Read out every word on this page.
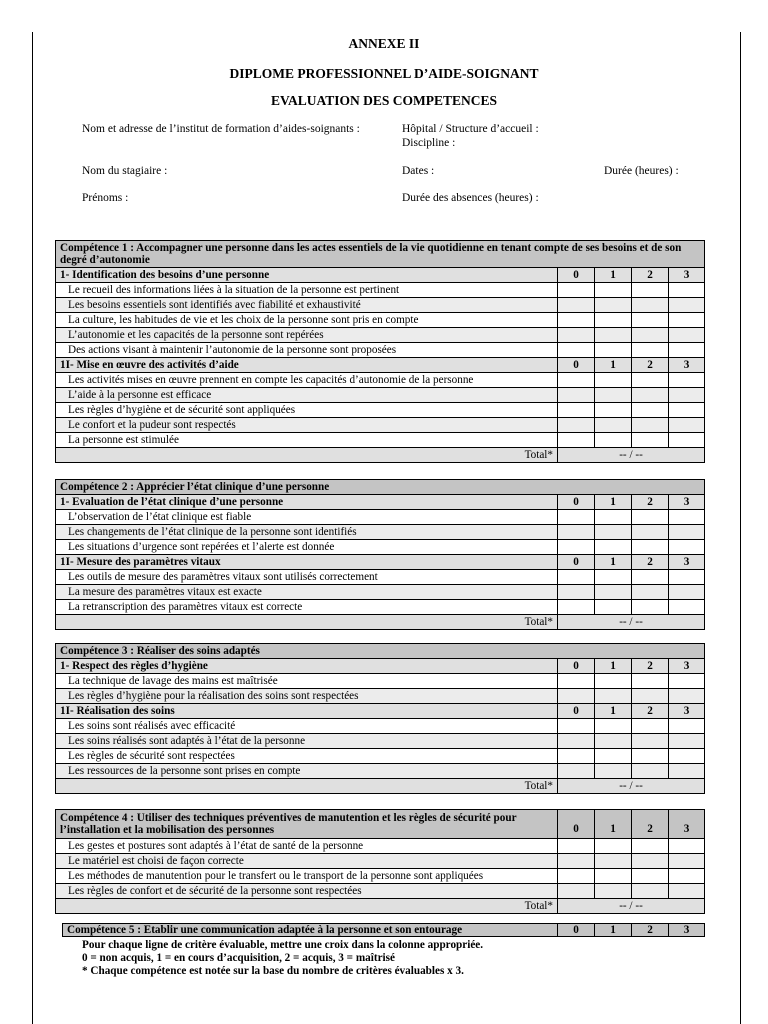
ANNEXE II
DIPLOME PROFESSIONNEL D’AIDE-SOIGNANT
EVALUATION DES COMPETENCES
Nom et adresse de l’institut de formation d’aides-soignants :	Hôpital / Structure d’accueil :
Discipline :
Nom du stagiaire :	Dates :	Durée (heures) :
Prénoms :	Durée des absences (heures) :
Compétence 1 : Accompagner une personne dans les actes essentiels de la vie quotidienne en tenant compte de ses besoins et de son degré d’autonomie				
1- Identification des besoins d’une personne	0	1	2	3
Le recueil des informations liées à la situation de la personne est pertinent				
Les besoins essentiels sont identifiés avec fiabilité et exhaustivité				
La culture, les habitudes de vie et les choix de la personne sont pris en compte				
L’autonomie et les capacités de la personne sont repérées				
Des actions visant à maintenir l’autonomie de la personne sont proposées				
1I- Mise en œuvre des activités d’aide	0	1	2	3
Les activités mises en œuvre prennent en compte les capacités d’autonomie de la personne				
L’aide à la personne est efficace				
Les règles d’hygiène et de sécurité sont appliquées				
Le confort et la pudeur sont respectés				
La personne est stimulée				
Total*	-- / --			
Compétence 2 : Apprécier l’état clinique d’une personne				
1- Evaluation de l’état clinique d’une personne	0	1	2	3
L’observation de l’état clinique est fiable				
Les changements de l’état clinique de la personne sont identifiés				
Les situations d’urgence sont repérées et l’alerte est donnée				
1I- Mesure des paramètres vitaux	0	1	2	3
Les outils de mesure des paramètres vitaux sont utilisés correctement				
La mesure des paramètres vitaux est exacte				
La retranscription des paramètres vitaux est correcte				
Total*	-- / --			
Compétence 3 : Réaliser des soins adaptés				
1- Respect des règles d’hygiène	0	1	2	3
La technique de lavage des mains est maîtrisée				
Les règles d’hygiène pour la réalisation des soins sont respectées				
1I- Réalisation des soins	0	1	2	3
Les soins sont réalisés avec efficacité				
Les soins réalisés sont adaptés à l’état de la personne				
Les règles de sécurité sont respectées				
Les ressources de la personne sont prises en compte				
Total*	-- / --			
Compétence 4 : Utiliser des techniques préventives de manutention et les règles de sécurité pour l’installation et la mobilisation des personnes	0	1	2	3
Les gestes et postures sont adaptés à l’état de santé de la personne				
Le matériel est choisi de façon correcte				
Les méthodes de manutention pour le transfert ou le transport de la personne sont appliquées				
Les règles de confort et de sécurité de la personne sont respectées				
Total*	-- / --			
Compétence 5 : Etablir une communication adaptée à la personne et son entourage	0	1	2	3
Pour chaque ligne de critère évaluable, mettre une croix dans la colonne appropriée.
0 = non acquis, 1 = en cours d’acquisition, 2 = acquis, 3 = maîtrisé
* Chaque compétence est notée sur la base du nombre de critères évaluables x 3.
